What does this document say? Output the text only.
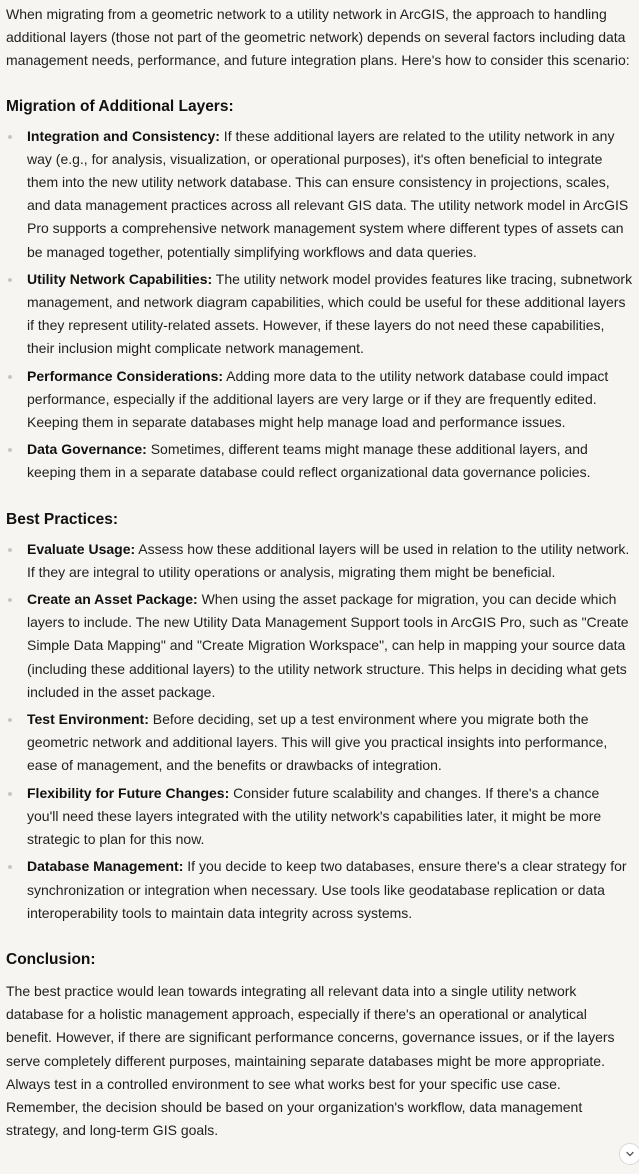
When migrating from a geometric network to a utility network in ArcGIS, the approach to handling additional layers (those not part of the geometric network) depends on several factors including data management needs, performance, and future integration plans. Here's how to consider this scenario:

Migration of Additional Layers:
Integration and Consistency: If these additional layers are related to the utility network in any way (e.g., for analysis, visualization, or operational purposes), it's often beneficial to integrate them into the new utility network database. This can ensure consistency in projections, scales, and data management practices across all relevant GIS data. The utility network model in ArcGIS Pro supports a comprehensive network management system where different types of assets can be managed together, potentially simplifying workflows and data queries.
Utility Network Capabilities: The utility network model provides features like tracing, subnetwork management, and network diagram capabilities, which could be useful for these additional layers if they represent utility-related assets. However, if these layers do not need these capabilities, their inclusion might complicate network management.
Performance Considerations: Adding more data to the utility network database could impact performance, especially if the additional layers are very large or if they are frequently edited. Keeping them in separate databases might help manage load and performance issues.
Data Governance: Sometimes, different teams might manage these additional layers, and keeping them in a separate database could reflect organizational data governance policies.
Best Practices:
Evaluate Usage: Assess how these additional layers will be used in relation to the utility network. If they are integral to utility operations or analysis, migrating them might be beneficial.
Create an Asset Package: When using the asset package for migration, you can decide which layers to include. The new Utility Data Management Support tools in ArcGIS Pro, such as "Create Simple Data Mapping" and "Create Migration Workspace", can help in mapping your source data (including these additional layers) to the utility network structure. This helps in deciding what gets included in the asset package.
Test Environment: Before deciding, set up a test environment where you migrate both the geometric network and additional layers. This will give you practical insights into performance, ease of management, and the benefits or drawbacks of integration.
Flexibility for Future Changes: Consider future scalability and changes. If there's a chance you'll need these layers integrated with the utility network's capabilities later, it might be more strategic to plan for this now.
Database Management: If you decide to keep two databases, ensure there's a clear strategy for synchronization or integration when necessary. Use tools like geodatabase replication or data interoperability tools to maintain data integrity across systems.
Conclusion:

The best practice would lean towards integrating all relevant data into a single utility network database for a holistic management approach, especially if there's an operational or analytical benefit. However, if there are significant performance concerns, governance issues, or if the layers serve completely different purposes, maintaining separate databases might be more appropriate. Always test in a controlled environment to see what works best for your specific use case. Remember, the decision should be based on your organization's workflow, data management strategy, and long-term GIS goals.
